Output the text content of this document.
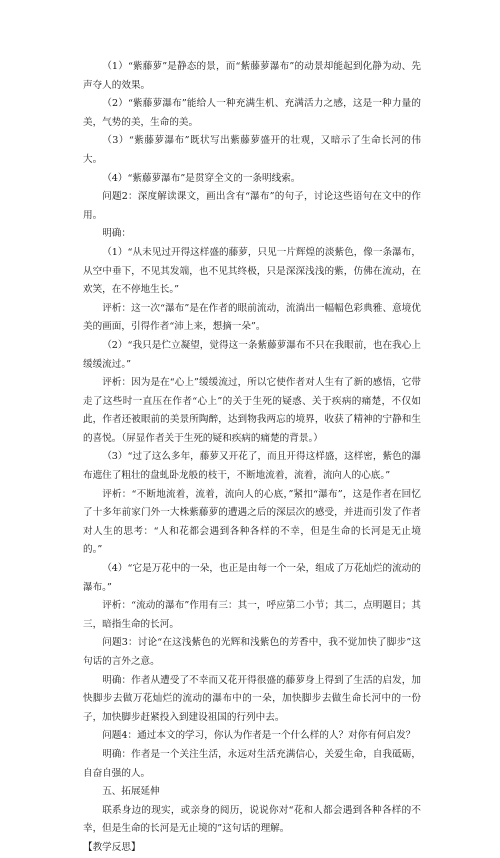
（1）“紫藤萝”是静态的景，而“紫藤萝瀑布”的动景却能起到化静为动、先声夺人的效果。

（2）“紫藤萝瀑布”能给人一种充满生机、充满活力之感，这是一种力量的美，气势的美，生命的美。

（3）“紫藤萝瀑布”既状写出紫藤萝盛开的壮观，又暗示了生命长河的伟大。

（4）“紫藤萝瀑布”是贯穿全文的一条明线索。

问题2：深度解读课文，画出含有“瀑布”的句子，讨论这些语句在文中的作用。

明确：

（1）“从未见过开得这样盛的藤萝，只见一片辉煌的淡紫色，像一条瀑布，从空中垂下，不见其发端，也不见其终极，只是深深浅浅的紫，仿佛在流动，在欢笑，在不停地生长。”

评析：这一次“瀑布”是在作者的眼前流动，流淌出一幅幅色彩典雅、意境优美的画面，引得作者“沛上来，想摘一朵”。

（2）“我只是伫立凝望，觉得这一条紫藤萝瀑布不只在我眼前，也在我心上缓缓流过。”

评析：因为是在“心上”缓缓流过，所以它使作者对人生有了新的感悟，它带走了这些时一直压在作者“心上”的关于生死的疑惑、关于疾病的痛楚，不仅如此，作者还被眼前的美景所陶醉，达到物我两忘的境界，收获了精神的宁静和生的喜悦。（屏显作者关于生死的疑和疾病的痛楚的背景。）

（3）“过了这么多年，藤萝又开花了，而且开得这样盛，这样密，紫色的瀑布遮住了粗壮的盘虬卧龙般的枝干，不断地流着，流着，流向人的心底。”

评析：“不断地流着，流着，流向人的心底，”紧扣“瀑布”，这是作者在回忆了十多年前家门外一大株紫藤萝的遭遇之后的深层次的感受，并进而引发了作者对人生的思考：“人和花都会遇到各种各样的不幸，但是生命的长河是无止境的。”

（4）“它是万花中的一朵，也正是由每一个一朵，组成了万花灿烂的流动的瀑布。”

评析：“流动的瀑布”作用有三：其一，呼应第二小节；其二，点明题目；其三，暗指生命的长河。

问题3：讨论“在这浅紫色的光辉和浅紫色的芳香中，我不觉加快了脚步”这句话的言外之意。

明确：作者从遭受了不幸而又花开得很盛的藤萝身上得到了生活的启发，加快脚步去做万花灿烂的流动的瀑布中的一朵，加快脚步去做生命长河中的一份子，加快脚步赶紧投入到建设祖国的行列中去。

问题4：通过本文的学习，你认为作者是一个什么样的人？对你有何启发？

明确：作者是一个关注生活，永远对生活充满信心，关爱生命，自我砥砺，自奋自强的人。

五、拓展延伸

联系身边的现实，或亲身的阅历，说说你对“花和人都会遇到各种各样的不幸，但是生命的长河是无止境的”这句话的理解。

【教学反思】
